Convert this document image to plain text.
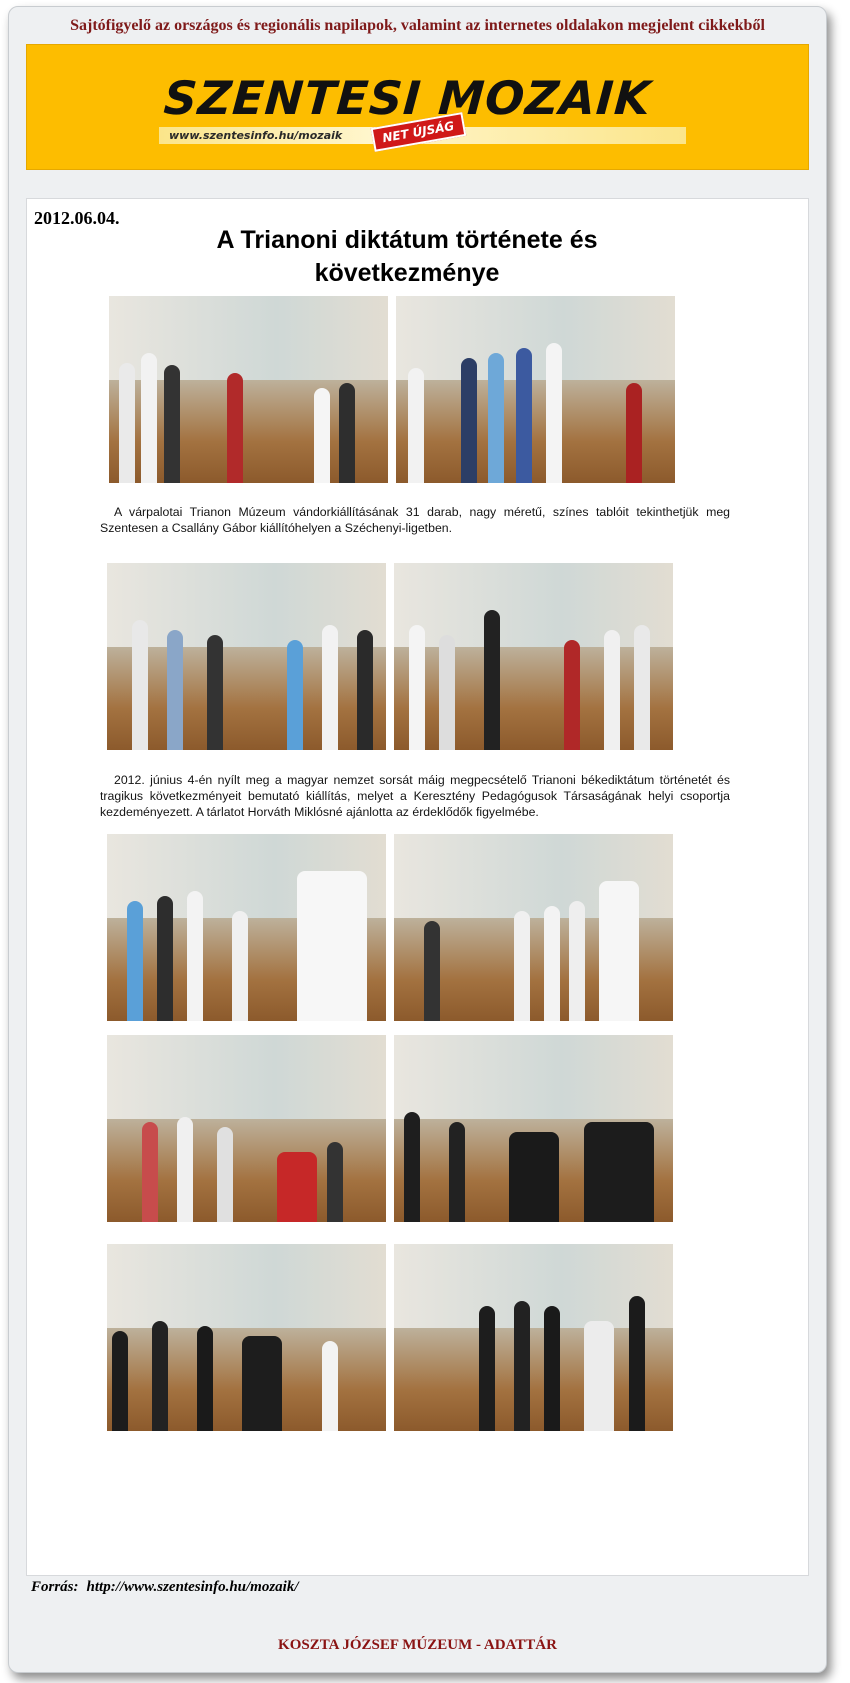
Sajtófigyelő az országos és regionális napilapok, valamint az internetes oldalakon megjelent cikkekből
SZENTESI MOZAIK
www.szentesinfo.hu/mozaik	NET ÚJSÁG
2012.06.04.
A Trianoni diktátum története és következménye
A várpalotai Trianon Múzeum vándorkiállításának 31 darab, nagy méretű, színes tablóit tekinthetjük meg Szentesen a Csallány Gábor kiállítóhelyen a Széchenyi-ligetben.
2012. június 4-én nyílt meg a magyar nemzet sorsát máig megpecsételő Trianoni békediktátum történetét és tragikus következményeit bemutató kiállítás, melyet a Keresztény Pedagógusok Társaságának helyi csoportja kezdeményezett. A tárlatot Horváth Miklósné ajánlotta az érdeklődők figyelmébe.
Forrás: http://www.szentesinfo.hu/mozaik/
KOSZTA JÓZSEF MÚZEUM - ADATTÁR
